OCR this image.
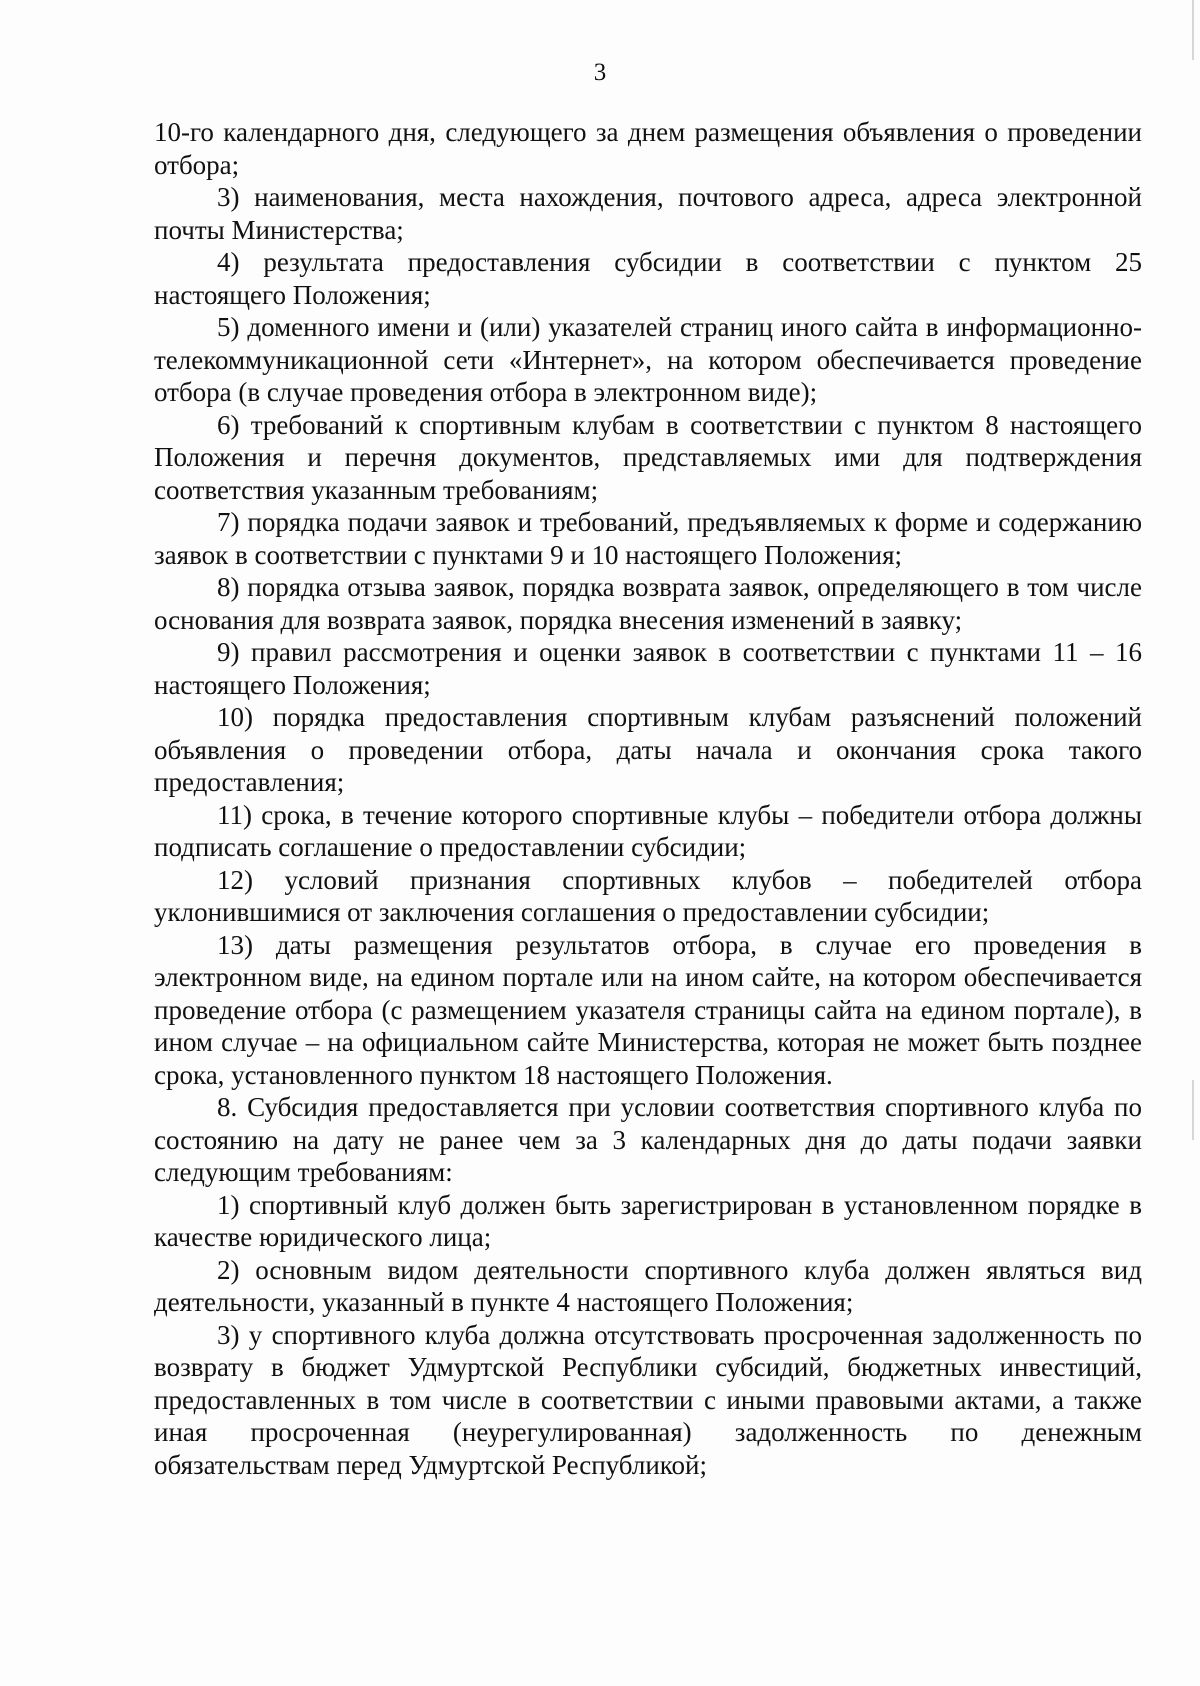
3

10-го календарного дня, следующего за днем размещения объявления о проведении отбора;

3) наименования, места нахождения, почтового адреса, адреса электронной почты Министерства;

4) результата предоставления субсидии в соответствии с пунктом 25 настоящего Положения;

5) доменного имени и (или) указателей страниц иного сайта в информационно-телекоммуникационной сети «Интернет», на котором обеспечивается проведение отбора (в случае проведения отбора в электронном виде);

6) требований к спортивным клубам в соответствии с пунктом 8 настоящего Положения и перечня документов, представляемых ими для подтверждения соответствия указанным требованиям;

7) порядка подачи заявок и требований, предъявляемых к форме и содержанию заявок в соответствии с пунктами 9 и 10 настоящего Положения;

8) порядка отзыва заявок, порядка возврата заявок, определяющего в том числе основания для возврата заявок, порядка внесения изменений в заявку;

9) правил рассмотрения и оценки заявок в соответствии с пунктами 11 – 16 настоящего Положения;

10) порядка предоставления спортивным клубам разъяснений положений объявления о проведении отбора, даты начала и окончания срока такого предоставления;

11) срока, в течение которого спортивные клубы – победители отбора должны подписать соглашение о предоставлении субсидии;

12) условий признания спортивных клубов – победителей отбора уклонившимися от заключения соглашения о предоставлении субсидии;

13) даты размещения результатов отбора, в случае его проведения в электронном виде, на едином портале или на ином сайте, на котором обеспечивается проведение отбора (с размещением указателя страницы сайта на едином портале), в ином случае – на официальном сайте Министерства, которая не может быть позднее срока, установленного пунктом 18 настоящего Положения.

8. Субсидия предоставляется при условии соответствия спортивного клуба по состоянию на дату не ранее чем за 3 календарных дня до даты подачи заявки следующим требованиям:

1) спортивный клуб должен быть зарегистрирован в установленном порядке в качестве юридического лица;

2) основным видом деятельности спортивного клуба должен являться вид деятельности, указанный в пункте 4 настоящего Положения;

3) у спортивного клуба должна отсутствовать просроченная задолженность по возврату в бюджет Удмуртской Республики субсидий, бюджетных инвестиций, предоставленных в том числе в соответствии с иными правовыми актами, а также иная просроченная (неурегулированная) задолженность по денежным обязательствам перед Удмуртской Республикой;
